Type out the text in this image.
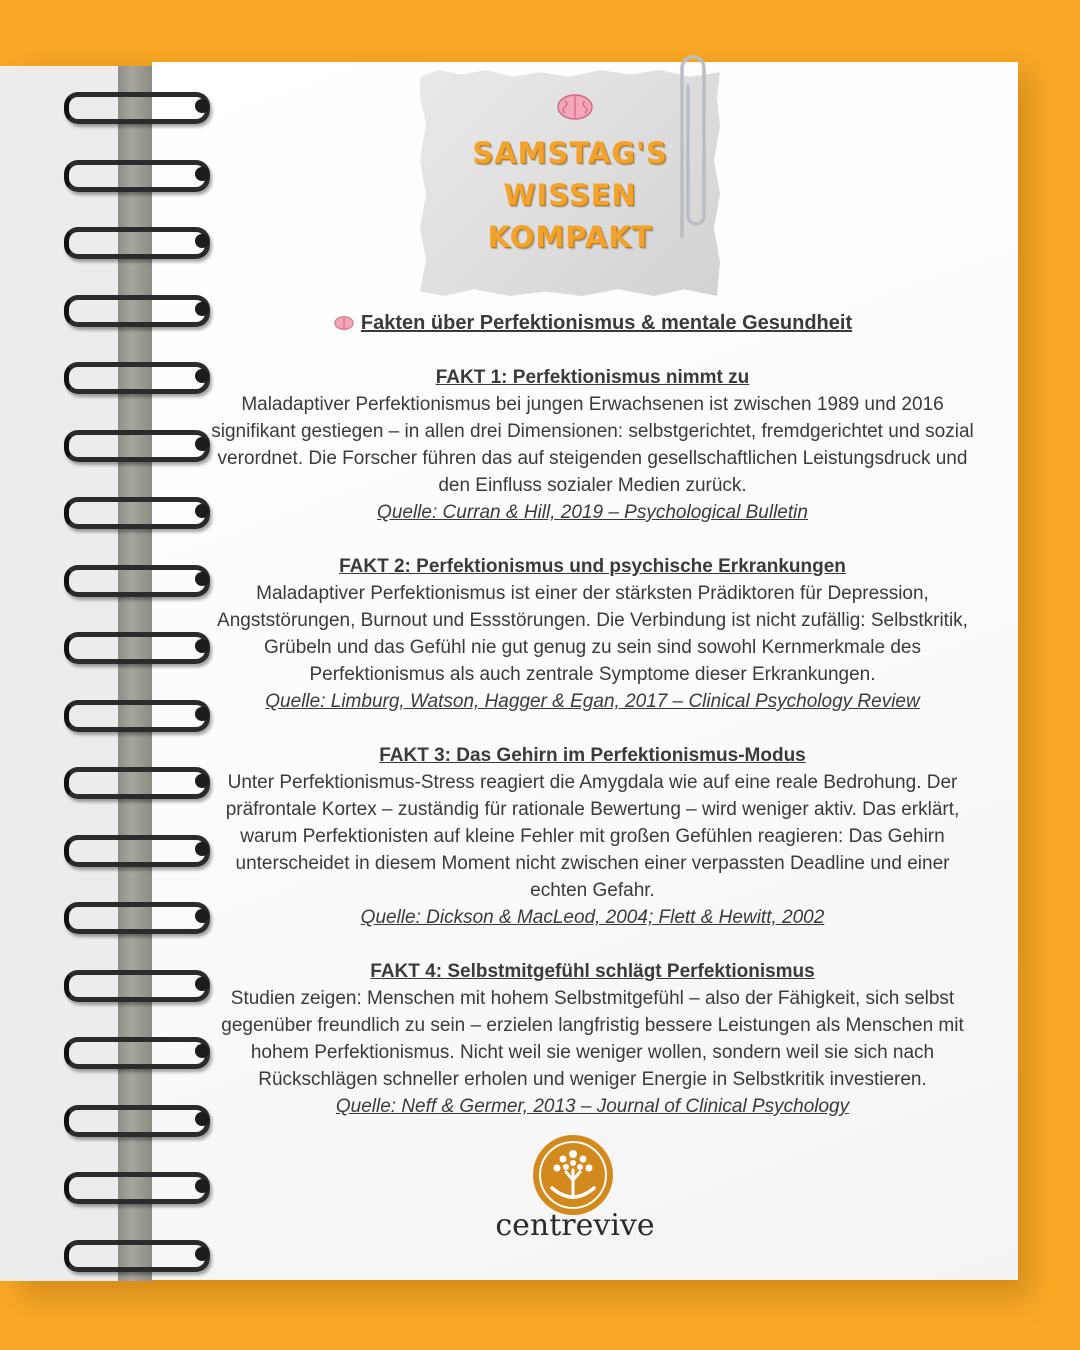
SAMSTAG'S
WISSEN KOMPAKT
Fakten über Perfektionismus & mentale Gesundheit
FAKT 1: Perfektionismus nimmt zu
Maladaptiver Perfektionismus bei jungen Erwachsenen ist zwischen 1989 und 2016 signifikant gestiegen – in allen drei Dimensionen: selbstgerichtet, fremdgerichtet und sozial verordnet. Die Forscher führen das auf steigenden gesellschaftlichen Leistungsdruck und den Einfluss sozialer Medien zurück.
Quelle: Curran & Hill, 2019 – Psychological Bulletin
FAKT 2: Perfektionismus und psychische Erkrankungen
Maladaptiver Perfektionismus ist einer der stärksten Prädiktoren für Depression, Angststörungen, Burnout und Essstörungen. Die Verbindung ist nicht zufällig: Selbstkritik, Grübeln und das Gefühl nie gut genug zu sein sind sowohl Kernmerkmale des Perfektionismus als auch zentrale Symptome dieser Erkrankungen.
Quelle: Limburg, Watson, Hagger & Egan, 2017 – Clinical Psychology Review
FAKT 3: Das Gehirn im Perfektionismus-Modus
Unter Perfektionismus-Stress reagiert die Amygdala wie auf eine reale Bedrohung. Der präfrontale Kortex – zuständig für rationale Bewertung – wird weniger aktiv. Das erklärt, warum Perfektionisten auf kleine Fehler mit großen Gefühlen reagieren: Das Gehirn unterscheidet in diesem Moment nicht zwischen einer verpassten Deadline und einer echten Gefahr.
Quelle: Dickson & MacLeod, 2004; Flett & Hewitt, 2002
FAKT 4: Selbstmitgefühl schlägt Perfektionismus
Studien zeigen: Menschen mit hohem Selbstmitgefühl – also der Fähigkeit, sich selbst gegenüber freundlich zu sein – erzielen langfristig bessere Leistungen als Menschen mit hohem Perfektionismus. Nicht weil sie weniger wollen, sondern weil sie sich nach Rückschlägen schneller erholen und weniger Energie in Selbstkritik investieren.
Quelle: Neff & Germer, 2013 – Journal of Clinical Psychology
centrevive
